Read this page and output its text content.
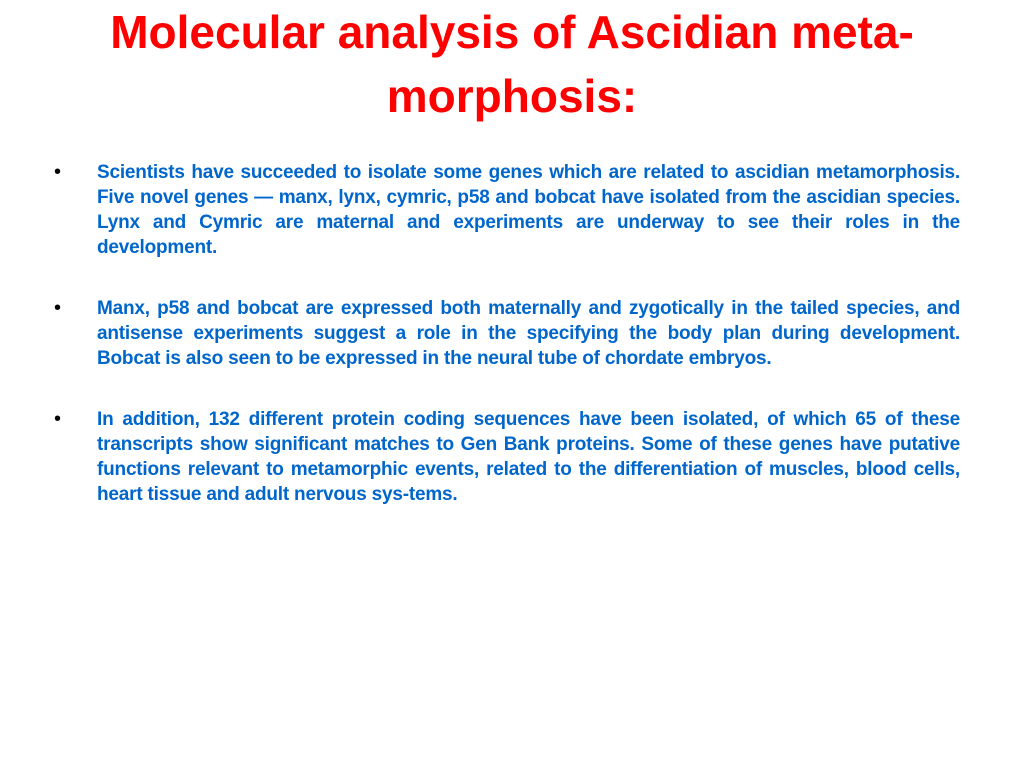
Molecular analysis of Ascidian meta-
morphosis:
• Scientists have succeeded to isolate some genes which are related to ascidian metamorphosis. Five novel genes — manx, lynx, cymric, p58 and bobcat have isolated from the ascidian species. Lynx and Cymric are maternal and experiments are underway to see their roles in the development.
• Manx, p58 and bobcat are expressed both maternally and zygotically in the tailed species, and antisense experiments suggest a role in the specifying the body plan during development. Bobcat is also seen to be expressed in the neural tube of chordate embryos.
• In addition, 132 different protein coding sequences have been isolated, of which 65 of these transcripts show significant matches to Gen Bank proteins. Some of these genes have putative functions relevant to metamorphic events, related to the differentiation of muscles, blood cells, heart tissue and adult nervous sys-tems.
